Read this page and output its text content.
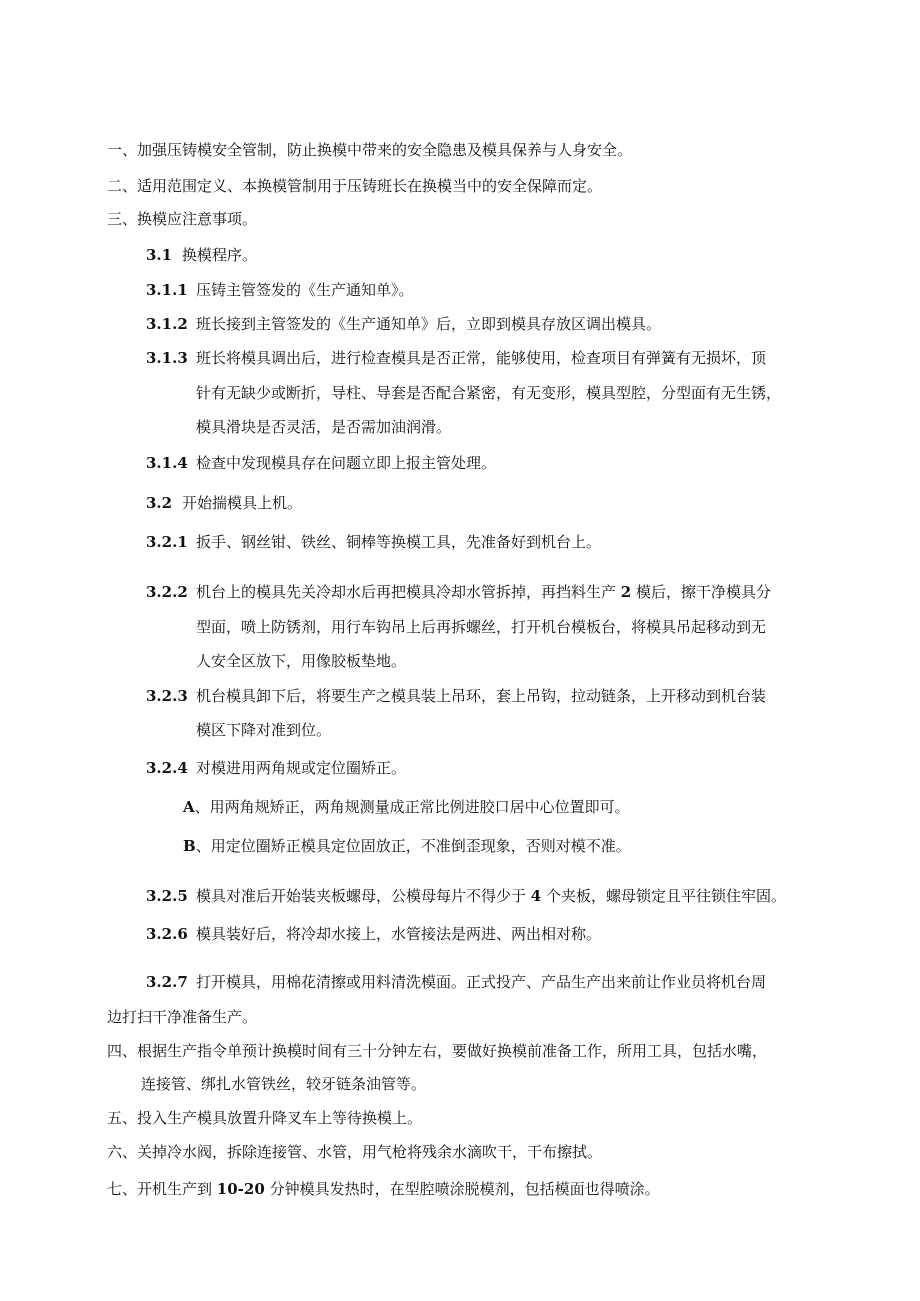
一、加强压铸模安全管制，防止换模中带来的安全隐患及模具保养与人身安全。
二、适用范围定义、本换模管制用于压铸班长在换模当中的安全保障而定。
三、换模应注意事项。
3.1 换模程序。
3.1.1 压铸主管签发的《生产通知单》。
3.1.2 班长接到主管签发的《生产通知单》后，立即到模具存放区调出模具。
3.1.3 班长将模具调出后，进行检查模具是否正常，能够使用，检查项目有弹簧有无损坏，顶
针有无缺少或断折，导柱、导套是否配合紧密，有无变形，模具型腔，分型面有无生锈，
模具滑块是否灵活，是否需加油润滑。
3.1.4 检查中发现模具存在问题立即上报主管处理。
3.2 开始揣模具上机。
3.2.1 扳手、钢丝钳、铁丝、铜棒等换模工具，先准备好到机台上。
3.2.2 机台上的模具先关冷却水后再把模具冷却水管拆掉，再挡料生产 2 模后，擦干净模具分
型面，喷上防锈剂，用行车钩吊上后再拆螺丝，打开机台模板台，将模具吊起移动到无
人安全区放下，用像胶板垫地。
3.2.3 机台模具卸下后，将要生产之模具装上吊环，套上吊钩，拉动链条，上开移动到机台装
模区下降对准到位。
3.2.4 对模进用两角规或定位圈矫正。
A、用两角规矫正，两角规测量成正常比例进胶口居中心位置即可。
B、用定位圈矫正模具定位固放正，不准倒歪现象，否则对模不准。
3.2.5 模具对准后开始装夹板螺母，公模母每片不得少于 4 个夹板，螺母锁定且平往锁住牢固。
3.2.6 模具装好后，将冷却水接上，水管接法是两进、两出相对称。
3.2.7 打开模具，用棉花清擦或用料清洗模面。正式投产、产品生产出来前让作业员将机台周
边打扫干净准备生产。
四、根据生产指令单预计换模时间有三十分钟左右，要做好换模前准备工作，所用工具，包括水嘴，
连接管、绑扎水管铁丝，较牙链条油管等。
五、投入生产模具放置升降叉车上等待换模上。
六、关掉冷水阀，拆除连接管、水管，用气枪将残余水滴吹干，干布擦拭。
七、开机生产到 10-20 分钟模具发热时，在型腔喷涂脱模剂，包括模面也得喷涂。
